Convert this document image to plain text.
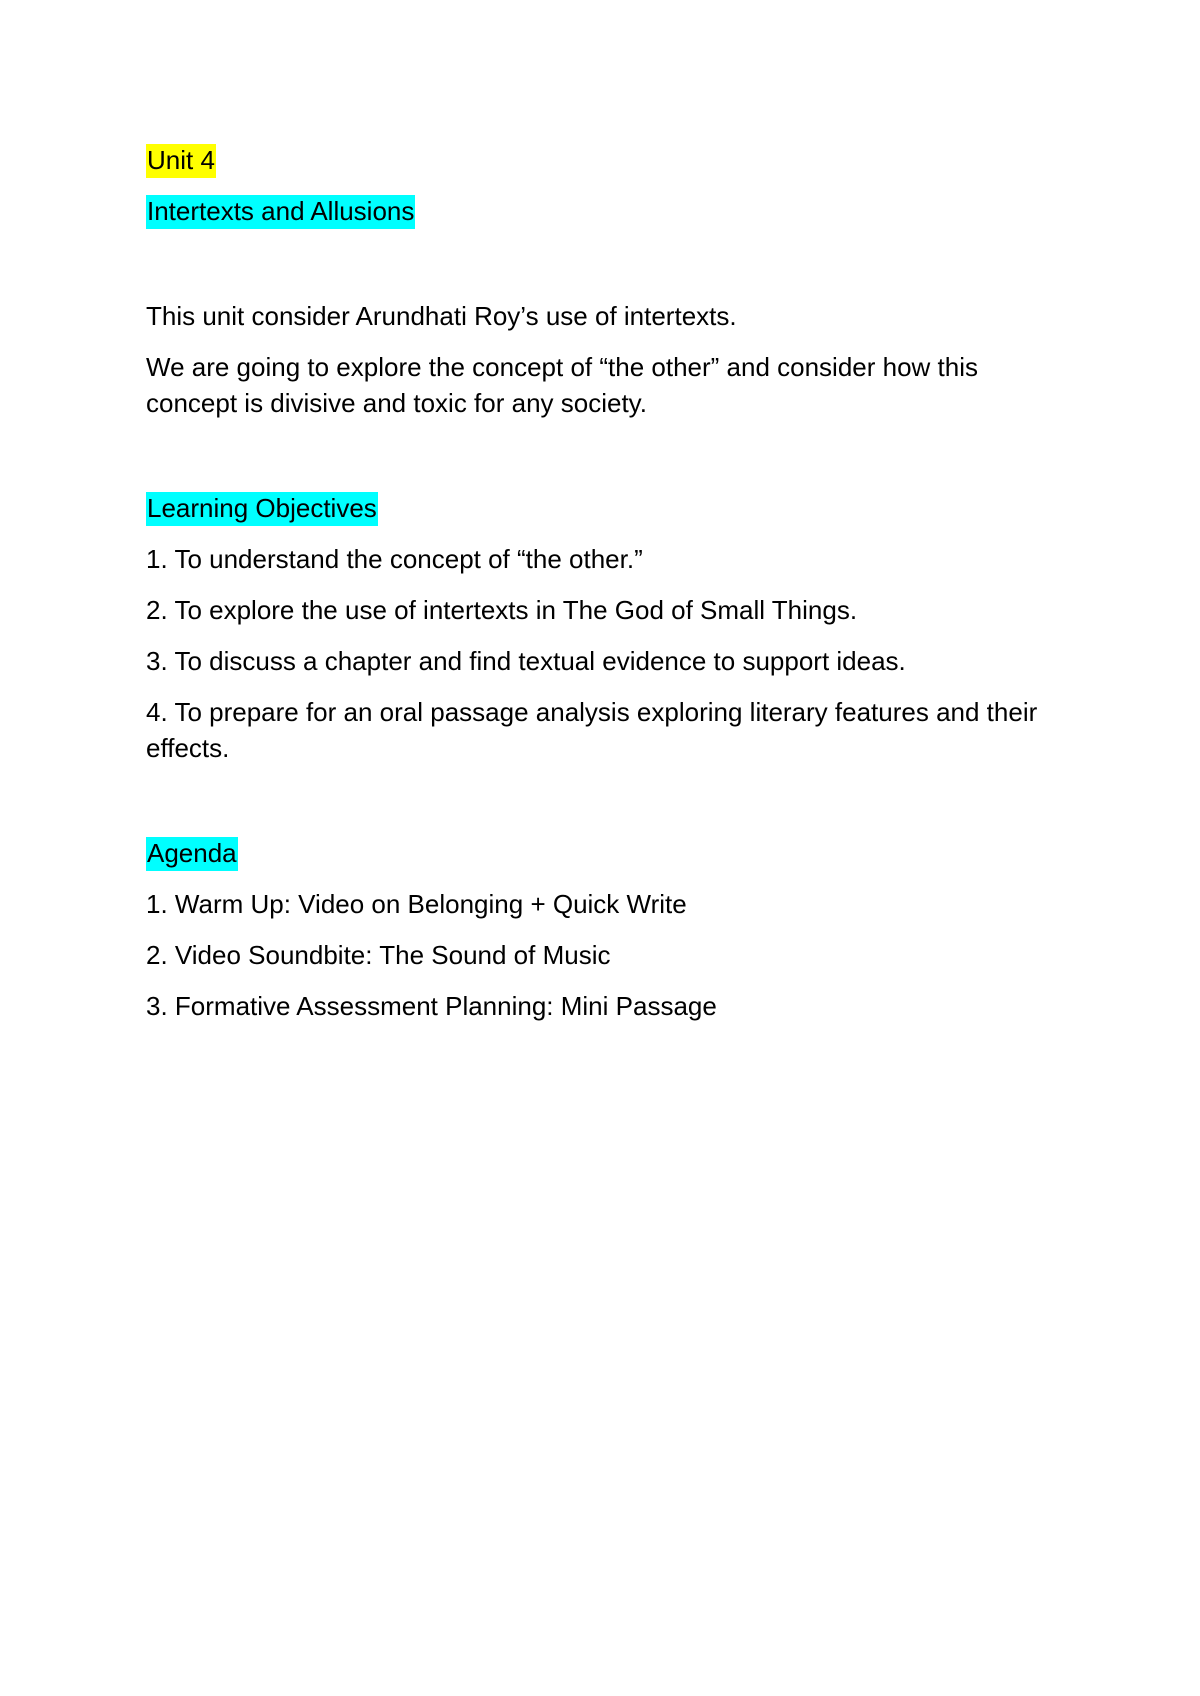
Unit 4
Intertexts and Allusions

This unit consider Arundhati Roy’s use of intertexts.

We are going to explore the concept of “the other” and consider how this concept is divisive and toxic for any society.

Learning Objectives
1. To understand the concept of “the other.”
2. To explore the use of intertexts in The God of Small Things.
3. To discuss a chapter and find textual evidence to support ideas.
4. To prepare for an oral passage analysis exploring literary features and their effects.
Agenda
1. Warm Up: Video on Belonging + Quick Write
2. Video Soundbite: The Sound of Music
3. Formative Assessment Planning: Mini Passage
